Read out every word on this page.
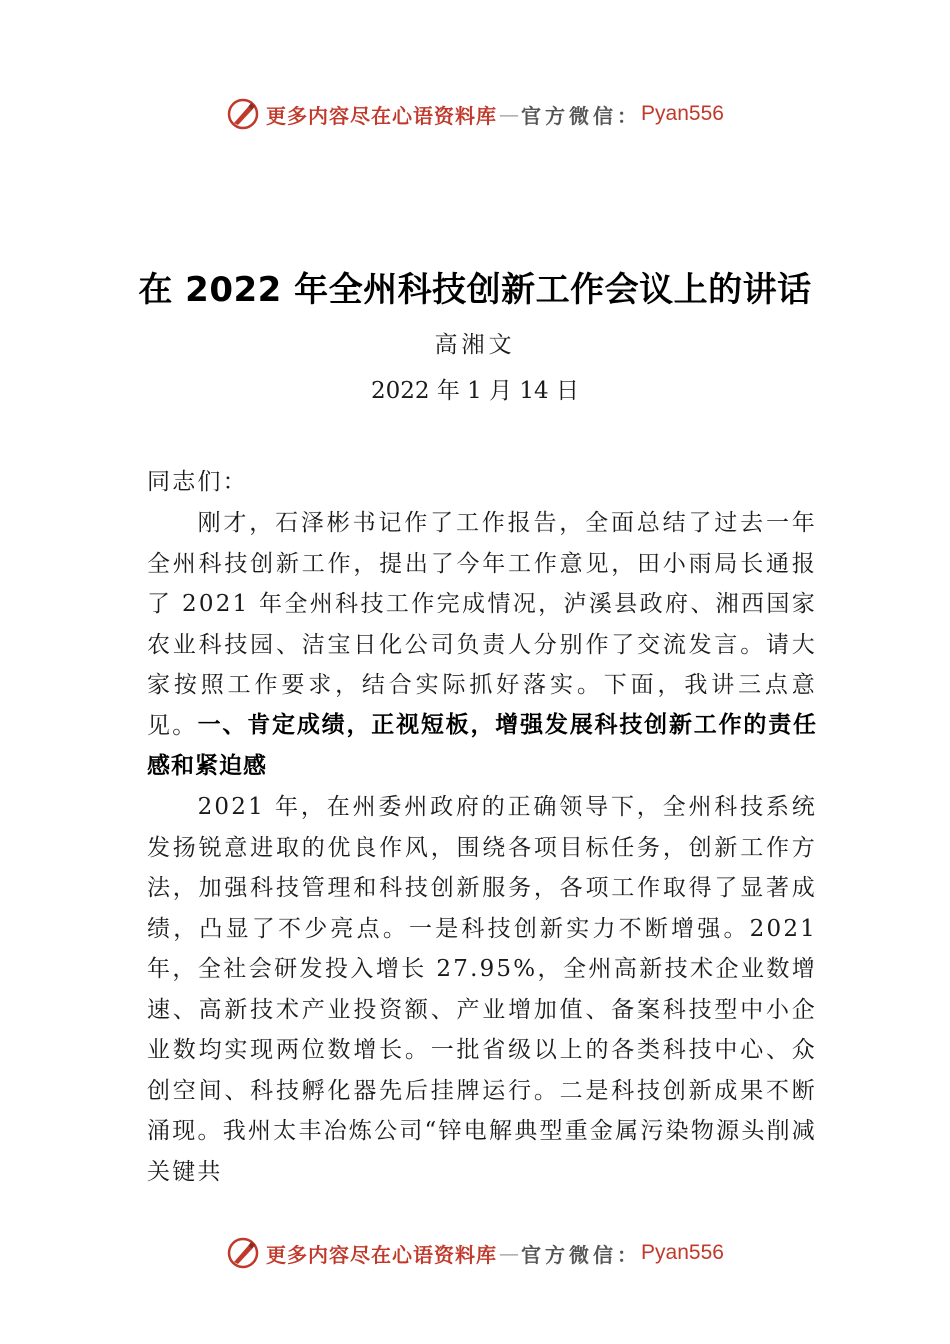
更多内容尽在心语资料库 — 官方微信： Pyan556
在 2022 年全州科技创新工作会议上的讲话
高湘文
2022 年 1 月 14 日

同志们：

刚才，石泽彬书记作了工作报告，全面总结了过去一年全州科技创新工作，提出了今年工作意见，田小雨局长通报了 2021 年全州科技工作完成情况，泸溪县政府、湘西国家农业科技园、洁宝日化公司负责人分别作了交流发言。请大家按照工作要求，结合实际抓好落实。下面，我讲三点意见。 一、肯定成绩，正视短板，增强发展科技创新工作的责任感和紧迫感

2021 年，在州委州政府的正确领导下，全州科技系统发扬锐意进取的优良作风，围绕各项目标任务，创新工作方法，加强科技管理和科技创新服务，各项工作取得了显著成绩，凸显了不少亮点。一是科技创新实力不断增强。2021 年，全社会研发投入增长 27.95%，全州高新技术企业数增速、高新技术产业投资额、产业增加值、备案科技型中小企业数均实现两位数增长。一批省级以上的各类科技中心、众创空间、科技孵化器先后挂牌运行。二是科技创新成果不断涌现。我州太丰冶炼公司“锌电解典型重金属污染物源头削减关键共

更多内容尽在心语资料库 — 官方微信： Pyan556
